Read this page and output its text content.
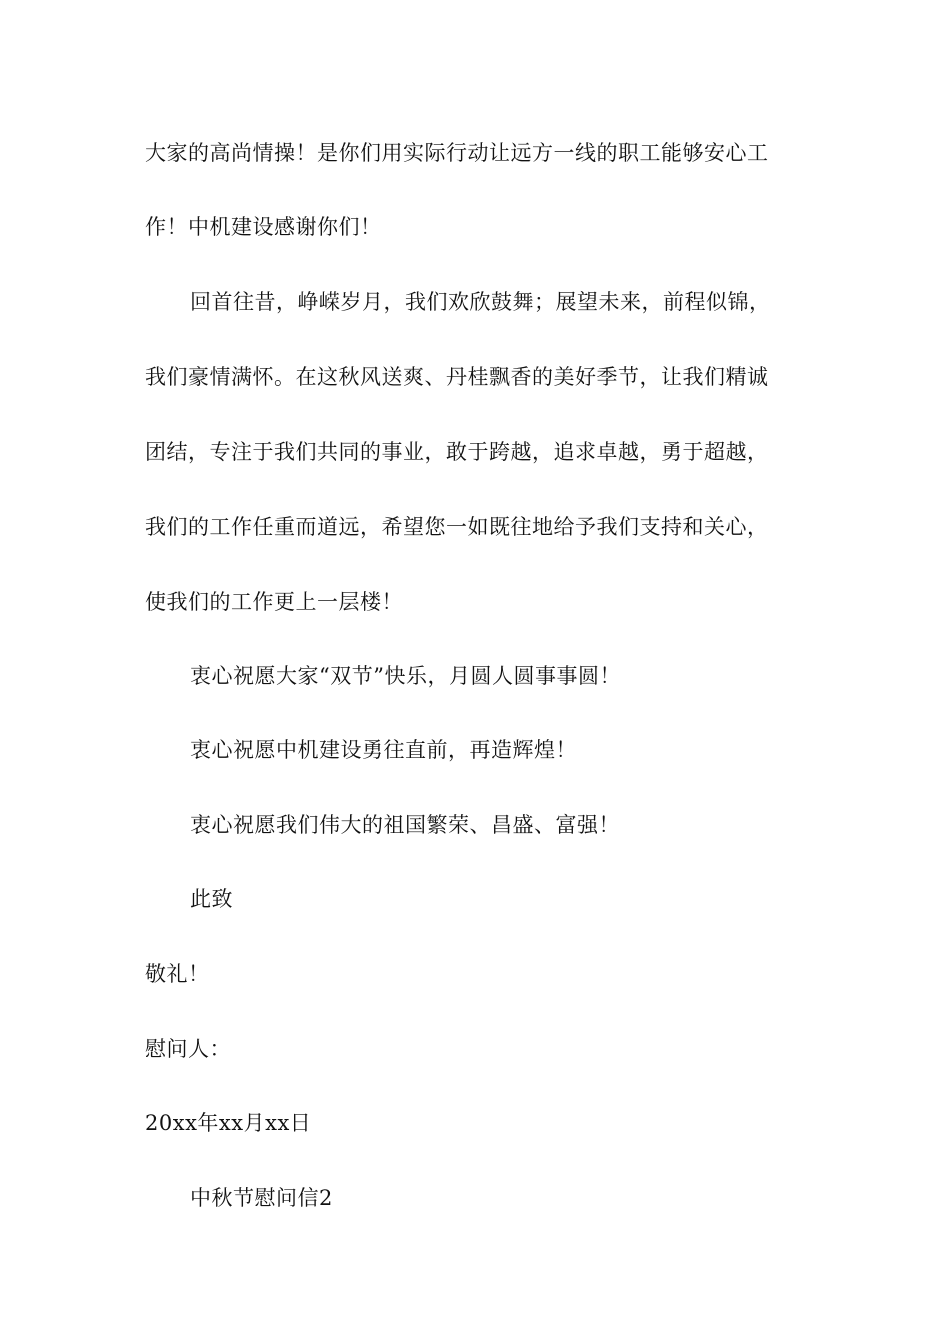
大家的高尚情操！是你们用实际行动让远方一线的职工能够安心工
作！中机建设感谢你们！
回首往昔，峥嵘岁月，我们欢欣鼓舞；展望未来，前程似锦，
我们豪情满怀。在这秋风送爽、丹桂飘香的美好季节，让我们精诚
团结，专注于我们共同的事业，敢于跨越，追求卓越，勇于超越，
我们的工作任重而道远，希望您一如既往地给予我们支持和关心，
使我们的工作更上一层楼！
衷心祝愿大家“双节”快乐，月圆人圆事事圆！
衷心祝愿中机建设勇往直前，再造辉煌！
衷心祝愿我们伟大的祖国繁荣、昌盛、富强！
此致
敬礼！
慰问人：
20xx年xx月xx日
中秋节慰问信2
